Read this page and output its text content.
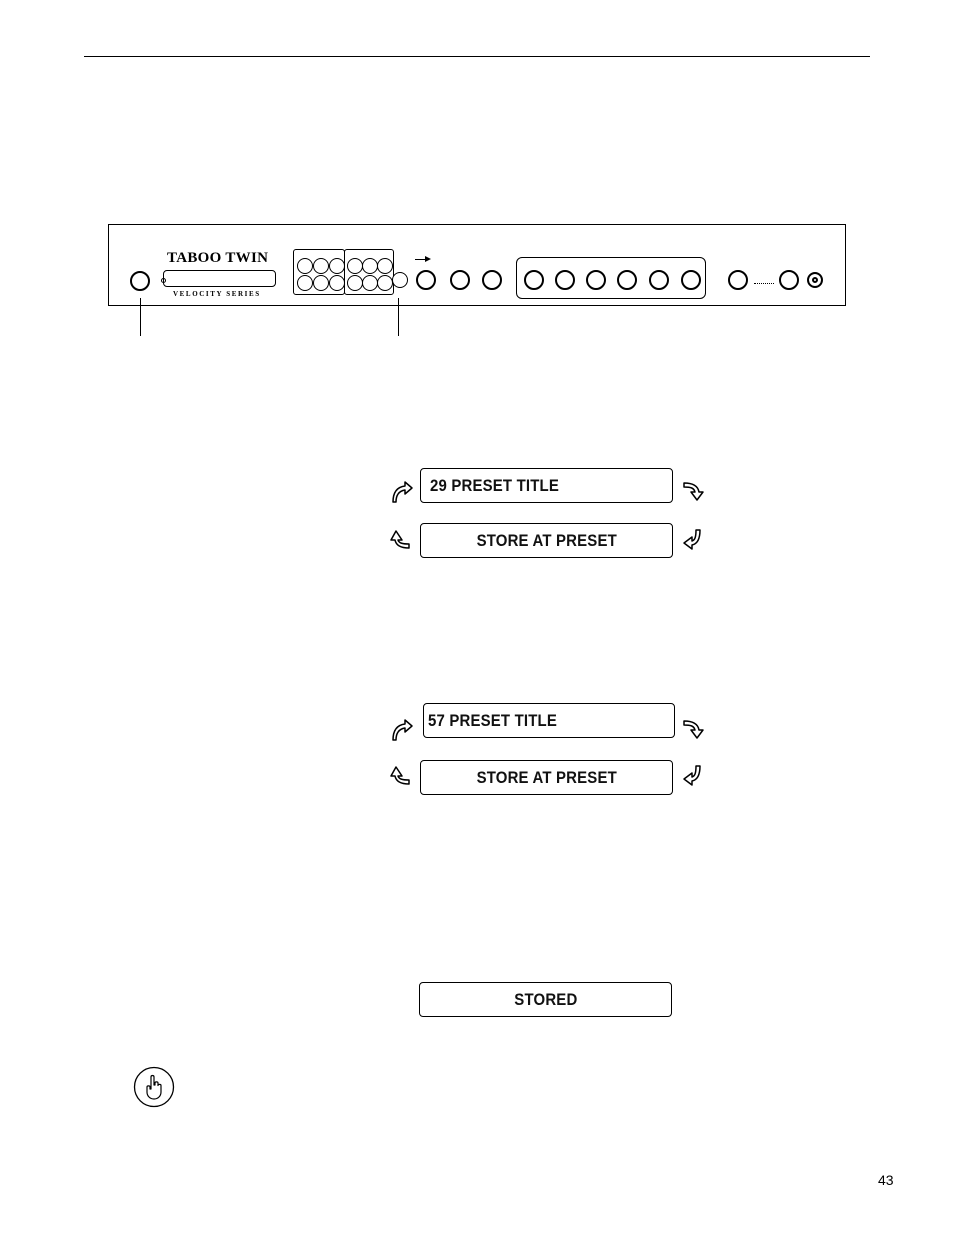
TABOO TWIN
VELOCITY SERIES
29 PRESET TITLE
STORE AT PRESET
57 PRESET TITLE
STORE AT PRESET
STORED
43
